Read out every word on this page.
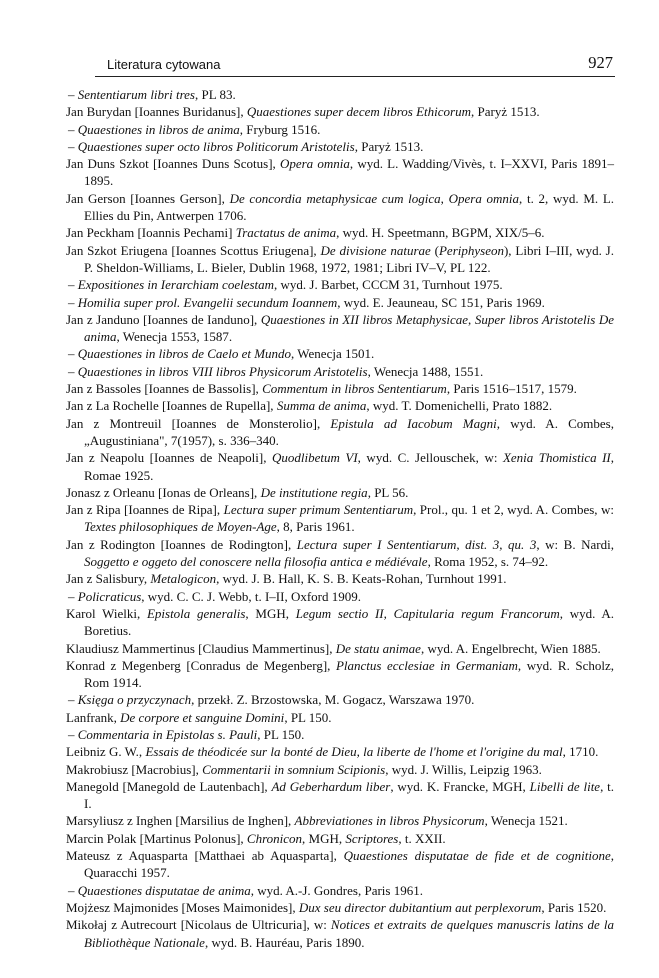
Literatura cytowana	927
– Sententiarum libri tres, PL 83.
Jan Burydan [Ioannes Buridanus], Quaestiones super decem libros Ethicorum, Paryż 1513.
– Quaestiones in libros de anima, Fryburg 1516.
– Quaestiones super octo libros Politicorum Aristotelis, Paryż 1513.
Jan Duns Szkot [Ioannes Duns Scotus], Opera omnia, wyd. L. Wadding/Vivès, t. I–XXVI, Paris 1891–1895.
Jan Gerson [Ioannes Gerson], De concordia metaphysicae cum logica, Opera omnia, t. 2, wyd. M. L. Ellies du Pin, Antwerpen 1706.
Jan Peckham [Ioannis Pechami] Tractatus de anima, wyd. H. Speetmann, BGPM, XIX/5–6.
Jan Szkot Eriugena [Ioannes Scottus Eriugena], De divisione naturae (Periphyseon), Libri I–III, wyd. J. P. Sheldon-Williams, L. Bieler, Dublin 1968, 1972, 1981; Libri IV–V, PL 122.
– Expositiones in Ierarchiam coelestam, wyd. J. Barbet, CCCM 31, Turnhout 1975.
– Homilia super prol. Evangelii secundum Ioannem, wyd. E. Jeauneau, SC 151, Paris 1969.
Jan z Janduno [Ioannes de Ianduno], Quaestiones in XII libros Metaphysicae, Super libros Aristotelis De anima, Wenecja 1553, 1587.
– Quaestiones in libros de Caelo et Mundo, Wenecja 1501.
– Quaestiones in libros VIII libros Physicorum Aristotelis, Wenecja 1488, 1551.
Jan z Bassoles [Ioannes de Bassolis], Commentum in libros Sententiarum, Paris 1516–1517, 1579.
Jan z La Rochelle [Ioannes de Rupella], Summa de anima, wyd. T. Domenichelli, Prato 1882.
Jan z Montreuil [Ioannes de Monsterolio], Epistula ad Iacobum Magni, wyd. A. Combes, „Augustiniana", 7(1957), s. 336–340.
Jan z Neapolu [Ioannes de Neapoli], Quodlibetum VI, wyd. C. Jellouschek, w: Xenia Thomistica II, Romae 1925.
Jonasz z Orleanu [Ionas de Orleans], De institutione regia, PL 56.
Jan z Ripa [Ioannes de Ripa], Lectura super primum Sententiarum, Prol., qu. 1 et 2, wyd. A. Combes, w: Textes philosophiques de Moyen-Age, 8, Paris 1961.
Jan z Rodington [Ioannes de Rodington], Lectura super I Sententiarum, dist. 3, qu. 3, w: B. Nardi, Soggetto e oggeto del conoscere nella filosofia antica e médiévale, Roma 1952, s. 74–92.
Jan z Salisbury, Metalogicon, wyd. J. B. Hall, K. S. B. Keats-Rohan, Turnhout 1991.
– Policraticus, wyd. C. C. J. Webb, t. I–II, Oxford 1909.
Karol Wielki, Epistola generalis, MGH, Legum sectio II, Capitularia regum Francorum, wyd. A. Boretius.
Klaudiusz Mammertinus [Claudius Mammertinus], De statu animae, wyd. A. Engelbrecht, Wien 1885.
Konrad z Megenberg [Conradus de Megenberg], Planctus ecclesiae in Germaniam, wyd. R. Scholz, Rom 1914.
– Księga o przyczynach, przekł. Z. Brzostowska, M. Gogacz, Warszawa 1970.
Lanfrank, De corpore et sanguine Domini, PL 150.
– Commentaria in Epistolas s. Pauli, PL 150.
Leibniz G. W., Essais de théodicée sur la bonté de Dieu, la liberte de l'home et l'origine du mal, 1710.
Makrobiusz [Macrobius], Commentarii in somnium Scipionis, wyd. J. Willis, Leipzig 1963.
Manegold [Manegold de Lautenbach], Ad Geberhardum liber, wyd. K. Francke, MGH, Libelli de lite, t. I.
Marsyliusz z Inghen [Marsilius de Inghen], Abbreviationes in libros Physicorum, Wenecja 1521.
Marcin Polak [Martinus Polonus], Chronicon, MGH, Scriptores, t. XXII.
Mateusz z Aquasparta [Matthaei ab Aquasparta], Quaestiones disputatae de fide et de cognitione, Quaracchi 1957.
– Quaestiones disputatae de anima, wyd. A.-J. Gondres, Paris 1961.
Mojżesz Majmonides [Moses Maimonides], Dux seu director dubitantium aut perplexorum, Paris 1520.
Mikołaj z Autrecourt [Nicolaus de Ultricuria], w: Notices et extraits de quelques manuscris latins de la Bibliothèque Nationale, wyd. B. Hauréau, Paris 1890.
